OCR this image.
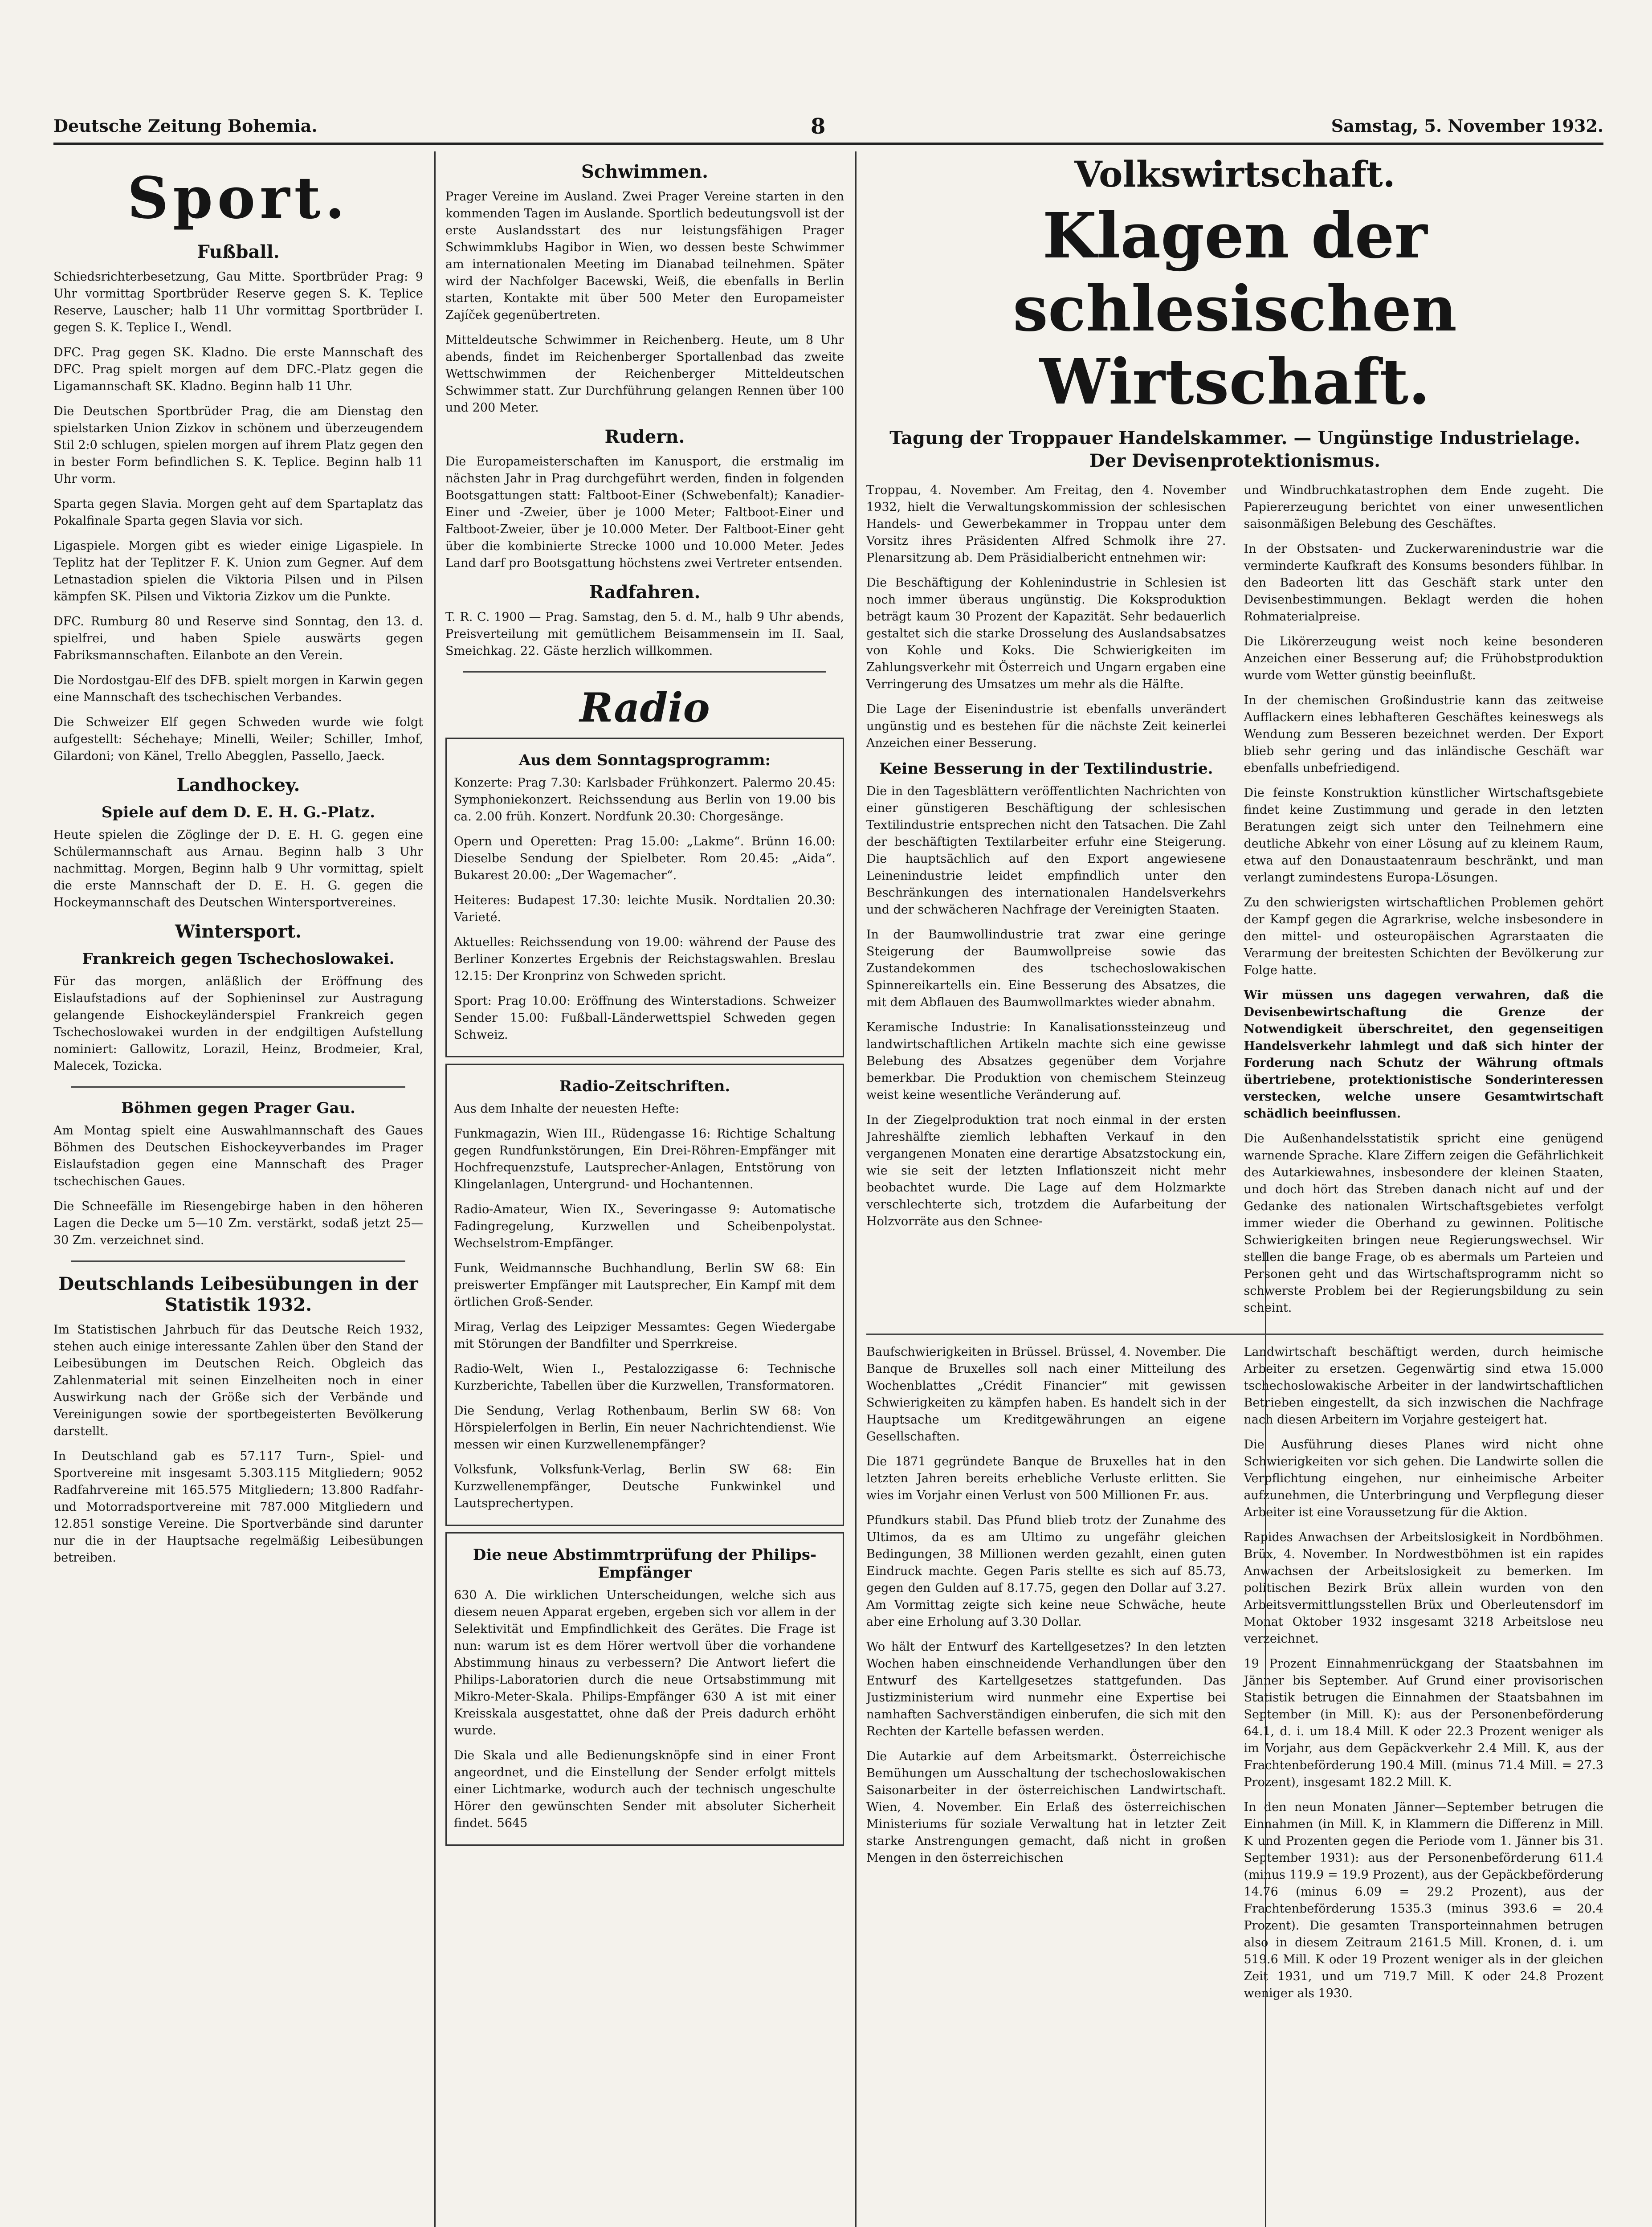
Deutsche Zeitung Bohemia.	8	Samstag, 5. November 1932.
Sport.
Fußball.

Schiedsrichterbesetzung, Gau Mitte. Sportbrüder Prag: 9 Uhr vormittag Sportbrüder Reserve gegen S. K. Teplice Reserve, Lauscher; halb 11 Uhr vormittag Sportbrüder I. gegen S. K. Teplice I., Wendl.

DFC. Prag gegen SK. Kladno. Die erste Mannschaft des DFC. Prag spielt morgen auf dem DFC.-Platz gegen die Ligamannschaft SK. Kladno. Beginn halb 11 Uhr.

Die Deutschen Sportbrüder Prag, die am Dienstag den spielstarken Union Zizkov in schönem und überzeugendem Stil 2:0 schlugen, spielen morgen auf ihrem Platz gegen den in bester Form befindlichen S. K. Teplice. Beginn halb 11 Uhr vorm.

Sparta gegen Slavia. Morgen geht auf dem Spartaplatz das Pokalfinale Sparta gegen Slavia vor sich.

Ligaspiele. Morgen gibt es wieder einige Ligaspiele. In Teplitz hat der Teplitzer F. K. Union zum Gegner. Auf dem Letnastadion spielen die Viktoria Pilsen und in Pilsen kämpfen SK. Pilsen und Viktoria Zizkov um die Punkte.

DFC. Rumburg 80 und Reserve sind Sonntag, den 13. d. spielfrei, und haben Spiele auswärts gegen Fabriksmannschaften. Eilanbote an den Verein.

Die Nordostgau-Elf des DFB. spielt morgen in Karwin gegen eine Mannschaft des tschechischen Verbandes.

Die Schweizer Elf gegen Schweden wurde wie folgt aufgestellt: Séchehaye; Minelli, Weiler; Schiller, Imhof, Gilardoni; von Känel, Trello Abegglen, Passello, Jaeck.

Landhockey.
Spiele auf dem D. E. H. G.-Platz.

Heute spielen die Zöglinge der D. E. H. G. gegen eine Schülermannschaft aus Arnau. Beginn halb 3 Uhr nachmittag. Morgen, Beginn halb 9 Uhr vormittag, spielt die erste Mannschaft der D. E. H. G. gegen die Hockeymannschaft des Deutschen Wintersportvereines.

Wintersport.
Frankreich gegen Tschechoslowakei.

Für das morgen, anläßlich der Eröffnung des Eislaufstadions auf der Sophieninsel zur Austragung gelangende Eishockeyländerspiel Frankreich gegen Tschechoslowakei wurden in der endgiltigen Aufstellung nominiert: Gallowitz, Lorazil, Heinz, Brodmeier, Kral, Malecek, Tozicka.

Böhmen gegen Prager Gau.

Am Montag spielt eine Auswahlmannschaft des Gaues Böhmen des Deutschen Eishockeyverbandes im Prager Eislaufstadion gegen eine Mannschaft des Prager tschechischen Gaues.

Die Schneefälle im Riesengebirge haben in den höheren Lagen die Decke um 5—10 Zm. verstärkt, sodaß jetzt 25—30 Zm. verzeichnet sind.

Deutschlands Leibesübungen in der Statistik 1932.

Im Statistischen Jahrbuch für das Deutsche Reich 1932, stehen auch einige interessante Zahlen über den Stand der Leibesübungen im Deutschen Reich. Obgleich das Zahlenmaterial mit seinen Einzelheiten noch in einer Auswirkung nach der Größe sich der Verbände und Vereinigungen sowie der sportbegeisterten Bevölkerung darstellt.

In Deutschland gab es 57.117 Turn-, Spiel- und Sportvereine mit insgesamt 5.303.115 Mitgliedern; 9052 Radfahrvereine mit 165.575 Mitgliedern; 13.800 Radfahr- und Motorradsportvereine mit 787.000 Mitgliedern und 12.851 sonstige Vereine. Die Sportverbände sind darunter nur die in der Hauptsache regelmäßig Leibesübungen betreiben.

Schwimmen.

Prager Vereine im Ausland. Zwei Prager Vereine starten in den kommenden Tagen im Auslande. Sportlich bedeutungsvoll ist der erste Auslandsstart des nur leistungsfähigen Prager Schwimmklubs Hagibor in Wien, wo dessen beste Schwimmer am internationalen Meeting im Dianabad teilnehmen. Später wird der Nachfolger Bacewski, Weiß, die ebenfalls in Berlin starten, Kontakte mit über 500 Meter den Europameister Zajíček gegenübertreten.

Mitteldeutsche Schwimmer in Reichenberg. Heute, um 8 Uhr abends, findet im Reichenberger Sportallenbad das zweite Wettschwimmen der Reichenberger Mitteldeutschen Schwimmer statt. Zur Durchführung gelangen Rennen über 100 und 200 Meter.

Rudern.

Die Europameisterschaften im Kanusport, die erstmalig im nächsten Jahr in Prag durchgeführt werden, finden in folgenden Bootsgattungen statt: Faltboot-Einer (Schwebenfalt); Kanadier-Einer und -Zweier, über je 1000 Meter; Faltboot-Einer und Faltboot-Zweier, über je 10.000 Meter. Der Faltboot-Einer geht über die kombinierte Strecke 1000 und 10.000 Meter. Jedes Land darf pro Bootsgattung höchstens zwei Vertreter entsenden.

Radfahren.

T. R. C. 1900 — Prag. Samstag, den 5. d. M., halb 9 Uhr abends, Preisverteilung mit gemütlichem Beisammensein im II. Saal, Smeichkag. 22. Gäste herzlich willkommen.

Radio
Aus dem Sonntagsprogramm:

Konzerte: Prag 7.30: Karlsbader Frühkonzert. Palermo 20.45: Symphoniekonzert. Reichssendung aus Berlin von 19.00 bis ca. 2.00 früh. Konzert. Nordfunk 20.30: Chorgesänge.

Opern und Operetten: Prag 15.00: „Lakme“. Brünn 16.00: Dieselbe Sendung der Spielbeter. Rom 20.45: „Aida“. Bukarest 20.00: „Der Wagemacher“.

Heiteres: Budapest 17.30: leichte Musik. Nordtalien 20.30: Varieté.

Aktuelles: Reichssendung von 19.00: während der Pause des Berliner Konzertes Ergebnis der Reichstagswahlen. Breslau 12.15: Der Kronprinz von Schweden spricht.

Sport: Prag 10.00: Eröffnung des Winterstadions. Schweizer Sender 15.00: Fußball-Länderwettspiel Schweden gegen Schweiz.

Radio-Zeitschriften.

Aus dem Inhalte der neuesten Hefte:

Funkmagazin, Wien III., Rüdengasse 16: Richtige Schaltung gegen Rundfunkstörungen, Ein Drei-Röhren-Empfänger mit Hochfrequenzstufe, Lautsprecher-Anlagen, Entstörung von Klingelanlagen, Untergrund- und Hochantennen.

Radio-Amateur, Wien IX., Severingasse 9: Automatische Fadingregelung, Kurzwellen und Scheibenpolystat. Wechselstrom-Empfänger.

Funk, Weidmannsche Buchhandlung, Berlin SW 68: Ein preiswerter Empfänger mit Lautsprecher, Ein Kampf mit dem örtlichen Groß-Sender.

Mirag, Verlag des Leipziger Messamtes: Gegen Wiedergabe mit Störungen der Bandfilter und Sperrkreise.

Radio-Welt, Wien I., Pestalozzigasse 6: Technische Kurzberichte, Tabellen über die Kurzwellen, Transformatoren.

Die Sendung, Verlag Rothenbaum, Berlin SW 68: Von Hörspielerfolgen in Berlin, Ein neuer Nachrichtendienst. Wie messen wir einen Kurzwellenempfänger?

Volksfunk, Volksfunk-Verlag, Berlin SW 68: Ein Kurzwellenempfänger, Deutsche Funkwinkel und Lautsprechertypen.

Die neue Abstimmtrprüfung der Philips-Empfänger

630 A. Die wirklichen Unterscheidungen, welche sich aus diesem neuen Apparat ergeben, ergeben sich vor allem in der Selektivität und Empfindlichkeit des Gerätes. Die Frage ist nun: warum ist es dem Hörer wertvoll über die vorhandene Abstimmung hinaus zu verbessern? Die Antwort liefert die Philips-Laboratorien durch die neue Ortsabstimmung mit Mikro-Meter-Skala. Philips-Empfänger 630 A ist mit einer Kreisskala ausgestattet, ohne daß der Preis dadurch erhöht wurde.

Die Skala und alle Bedienungsknöpfe sind in einer Front angeordnet, und die Einstellung der Sender erfolgt mittels einer Lichtmarke, wodurch auch der technisch ungeschulte Hörer den gewünschten Sender mit absoluter Sicherheit findet. 5645

Volkswirtschaft.
Klagen der schlesischen Wirtschaft.
Tagung der Troppauer Handelskammer. — Ungünstige Industrielage.
Der Devisenprotektionismus.

Troppau, 4. November. Am Freitag, den 4. November 1932, hielt die Verwaltungskommission der schlesischen Handels- und Gewerbekammer in Troppau unter dem Vorsitz ihres Präsidenten Alfred Schmolk ihre 27. Plenarsitzung ab. Dem Präsidialbericht entnehmen wir:

Die Beschäftigung der Kohlenindustrie in Schlesien ist noch immer überaus ungünstig. Die Koksproduktion beträgt kaum 30 Prozent der Kapazität. Sehr bedauerlich gestaltet sich die starke Drosselung des Auslandsabsatzes von Kohle und Koks. Die Schwierigkeiten im Zahlungsverkehr mit Österreich und Ungarn ergaben eine Verringerung des Umsatzes um mehr als die Hälfte.

Die Lage der Eisenindustrie ist ebenfalls unverändert ungünstig und es bestehen für die nächste Zeit keinerlei Anzeichen einer Besserung.

Keine Besserung in der Textilindustrie.

Die in den Tagesblättern veröffentlichten Nachrichten von einer günstigeren Beschäftigung der schlesischen Textilindustrie entsprechen nicht den Tatsachen. Die Zahl der beschäftigten Textilarbeiter erfuhr eine Steigerung. Die hauptsächlich auf den Export angewiesene Leinenindustrie leidet empfindlich unter den Beschränkungen des internationalen Handelsverkehrs und der schwächeren Nachfrage der Vereinigten Staaten.

In der Baumwollindustrie trat zwar eine geringe Steigerung der Baumwollpreise sowie das Zustandekommen des tschechoslowakischen Spinnereikartells ein. Eine Besserung des Absatzes, die mit dem Abflauen des Baumwollmarktes wieder abnahm.

Keramische Industrie: In Kanalisationssteinzeug und landwirtschaftlichen Artikeln machte sich eine gewisse Belebung des Absatzes gegenüber dem Vorjahre bemerkbar. Die Produktion von chemischem Steinzeug weist keine wesentliche Veränderung auf.

In der Ziegelproduktion trat noch einmal in der ersten Jahreshälfte ziemlich lebhaften Verkauf in den vergangenen Monaten eine derartige Absatzstockung ein, wie sie seit der letzten Inflationszeit nicht mehr beobachtet wurde. Die Lage auf dem Holzmarkte verschlechterte sich, trotzdem die Aufarbeitung der Holzvorräte aus den Schnee-

und Windbruchkatastrophen dem Ende zugeht. Die Papiererzeugung berichtet von einer unwesentlichen saisonmäßigen Belebung des Geschäftes.

In der Obstsaten- und Zuckerwarenindustrie war die verminderte Kaufkraft des Konsums besonders fühlbar. In den Badeorten litt das Geschäft stark unter den Devisenbestimmungen. Beklagt werden die hohen Rohmaterialpreise.

Die Likörerzeugung weist noch keine besonderen Anzeichen einer Besserung auf; die Frühobstproduktion wurde vom Wetter günstig beeinflußt.

In der chemischen Großindustrie kann das zeitweise Aufflackern eines lebhafteren Geschäftes keineswegs als Wendung zum Besseren bezeichnet werden. Der Export blieb sehr gering und das inländische Geschäft war ebenfalls unbefriedigend.

Die feinste Konstruktion künstlicher Wirtschaftsgebiete findet keine Zustimmung und gerade in den letzten Beratungen zeigt sich unter den Teilnehmern eine deutliche Abkehr von einer Lösung auf zu kleinem Raum, etwa auf den Donaustaatenraum beschränkt, und man verlangt zumindestens Europa-Lösungen.

Zu den schwierigsten wirtschaftlichen Problemen gehört der Kampf gegen die Agrarkrise, welche insbesondere in den mittel- und osteuropäischen Agrarstaaten die Verarmung der breitesten Schichten der Bevölkerung zur Folge hatte.

Wir müssen uns dagegen verwahren, daß die Devisenbewirtschaftung die Grenze der Notwendigkeit überschreitet, den gegenseitigen Handelsverkehr lahmlegt und daß sich hinter der Forderung nach Schutz der Währung oftmals übertriebene, protektionistische Sonderinteressen verstecken, welche unsere Gesamtwirtschaft schädlich beeinflussen.

Die Außenhandelsstatistik spricht eine genügend warnende Sprache. Klare Ziffern zeigen die Gefährlichkeit des Autarkiewahnes, insbesondere der kleinen Staaten, und doch hört das Streben danach nicht auf und der Gedanke des nationalen Wirtschaftsgebietes verfolgt immer wieder die Oberhand zu gewinnen. Politische Schwierigkeiten bringen neue Regierungswechsel. Wir stellen die bange Frage, ob es abermals um Parteien und Personen geht und das Wirtschaftsprogramm nicht so schwerste Problem bei der Regierungsbildung zu sein scheint.

Baufschwierigkeiten in Brüssel. Brüssel, 4. November. Die Banque de Bruxelles soll nach einer Mitteilung des Wochenblattes „Crédit Financier“ mit gewissen Schwierigkeiten zu kämpfen haben. Es handelt sich in der Hauptsache um Kreditgewährungen an eigene Gesellschaften.

Die 1871 gegründete Banque de Bruxelles hat in den letzten Jahren bereits erhebliche Verluste erlitten. Sie wies im Vorjahr einen Verlust von 500 Millionen Fr. aus.

Pfundkurs stabil. Das Pfund blieb trotz der Zunahme des Ultimos, da es am Ultimo zu ungefähr gleichen Bedingungen, 38 Millionen werden gezahlt, einen guten Eindruck machte. Gegen Paris stellte es sich auf 85.73, gegen den Gulden auf 8.17.75, gegen den Dollar auf 3.27. Am Vormittag zeigte sich keine neue Schwäche, heute aber eine Erholung auf 3.30 Dollar.

Wo hält der Entwurf des Kartellgesetzes? In den letzten Wochen haben einschneidende Verhandlungen über den Entwurf des Kartellgesetzes stattgefunden. Das Justizministerium wird nunmehr eine Expertise bei namhaften Sachverständigen einberufen, die sich mit den Rechten der Kartelle befassen werden.

Die Autarkie auf dem Arbeitsmarkt. Österreichische Bemühungen um Ausschaltung der tschechoslowakischen Saisonarbeiter in der österreichischen Landwirtschaft. Wien, 4. November. Ein Erlaß des österreichischen Ministeriums für soziale Verwaltung hat in letzter Zeit starke Anstrengungen gemacht, daß nicht in großen Mengen in den österreichischen

Landwirtschaft beschäftigt werden, durch heimische Arbeiter zu ersetzen. Gegenwärtig sind etwa 15.000 tschechoslowakische Arbeiter in der landwirtschaftlichen Betrieben eingestellt, da sich inzwischen die Nachfrage nach diesen Arbeitern im Vorjahre gesteigert hat.

Die Ausführung dieses Planes wird nicht ohne Schwierigkeiten vor sich gehen. Die Landwirte sollen die Verpflichtung eingehen, nur einheimische Arbeiter aufzunehmen, die Unterbringung und Verpflegung dieser Arbeiter ist eine Voraussetzung für die Aktion.

Rapides Anwachsen der Arbeitslosigkeit in Nordböhmen. Brüx, 4. November. In Nordwestböhmen ist ein rapides Anwachsen der Arbeitslosigkeit zu bemerken. Im politischen Bezirk Brüx allein wurden von den Arbeitsvermittlungsstellen Brüx und Oberleutensdorf im Monat Oktober 1932 insgesamt 3218 Arbeitslose neu verzeichnet.

19 Prozent Einnahmenrückgang der Staatsbahnen im Jänner bis September. Auf Grund einer provisorischen Statistik betrugen die Einnahmen der Staatsbahnen im September (in Mill. K): aus der Personenbeförderung 64.1, d. i. um 18.4 Mill. K oder 22.3 Prozent weniger als im Vorjahr, aus dem Gepäckverkehr 2.4 Mill. K, aus der Frachtenbeförderung 190.4 Mill. (minus 71.4 Mill. = 27.3 Prozent), insgesamt 182.2 Mill. K.

In den neun Monaten Jänner—September betrugen die Einnahmen (in Mill. K, in Klammern die Differenz in Mill. K und Prozenten gegen die Periode vom 1. Jänner bis 31. September 1931): aus der Personenbeförderung 611.4 (minus 119.9 = 19.9 Prozent), aus der Gepäckbeförderung 14.76 (minus 6.09 = 29.2 Prozent), aus der Frachtenbeförderung 1535.3 (minus 393.6 = 20.4 Prozent). Die gesamten Transporteinnahmen betrugen also in diesem Zeitraum 2161.5 Mill. Kronen, d. i. um 519.6 Mill. K oder 19 Prozent weniger als in der gleichen Zeit 1931, und um 719.7 Mill. K oder 24.8 Prozent weniger als 1930.
